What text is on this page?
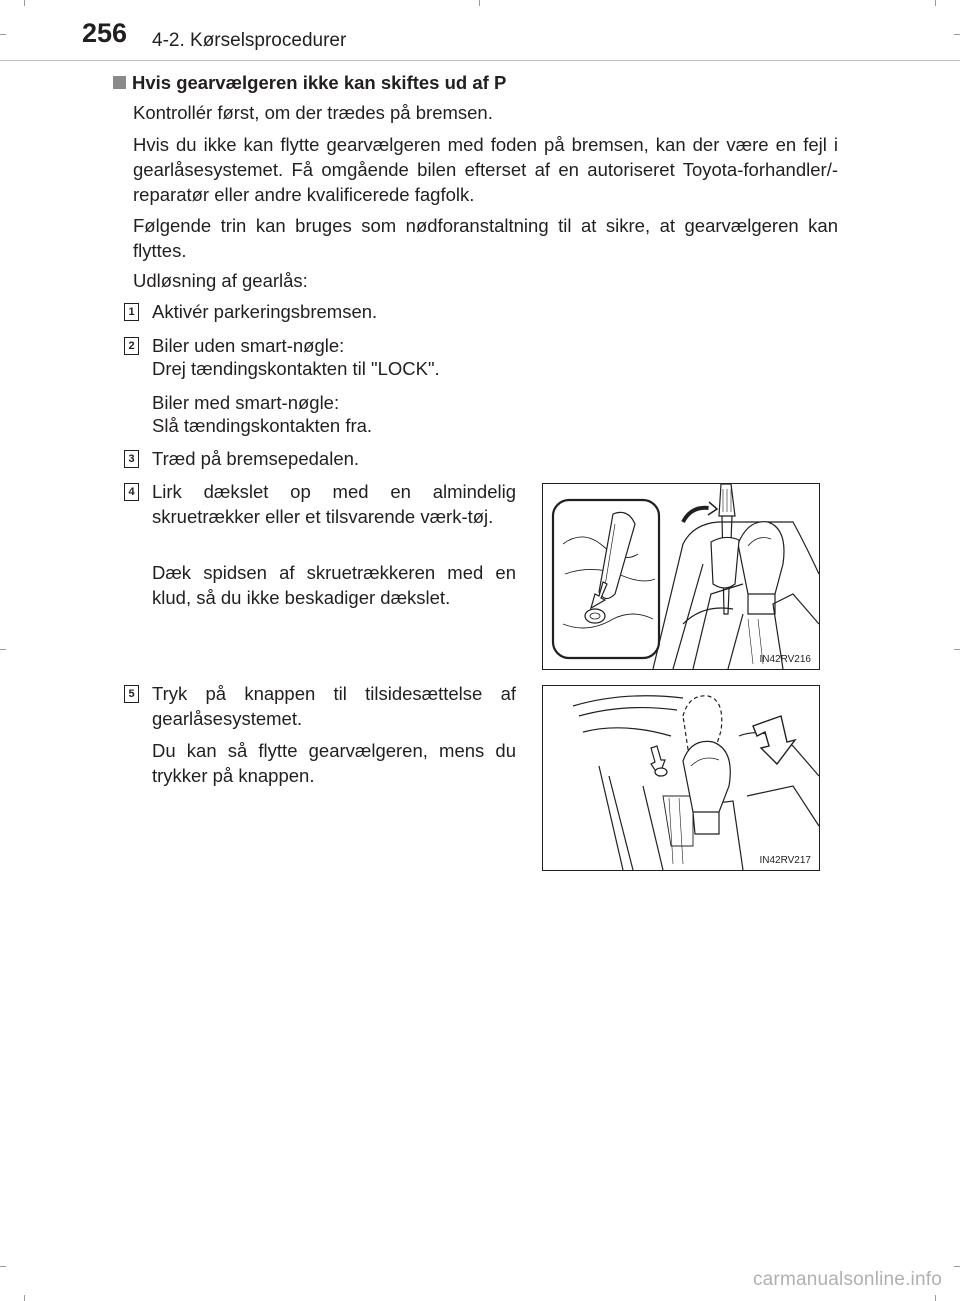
256 4-2. Kørselsprocedurer
Hvis gearvælgeren ikke kan skiftes ud af P

Kontrollér først, om der trædes på bremsen.

Hvis du ikke kan flytte gearvælgeren med foden på bremsen, kan der være en fejl i gearlåsesystemet. Få omgående bilen efterset af en autoriseret Toyota-forhandler/-reparatør eller andre kvalificerede fagfolk.

Følgende trin kan bruges som nødforanstaltning til at sikre, at gearvælgeren kan flyttes.

Udløsning af gearlås:

1 Aktivér parkeringsbremsen.

2 Biler uden smart-nøgle:

Drej tændingskontakten til "LOCK".

Biler med smart-nøgle:

Slå tændingskontakten fra.

3 Træd på bremsepedalen.

4 Lirk dækslet op med en almindelig skruetrækker eller et tilsvarende værk-tøj.

Dæk spidsen af skruetrækkeren med en klud, så du ikke beskadiger dækslet.

IN42RV216
5 Tryk på knappen til tilsidesættelse af gearlåsesystemet.

Du kan så flytte gearvælgeren, mens du trykker på knappen.

IN42RV217
carmanualsonline.info
